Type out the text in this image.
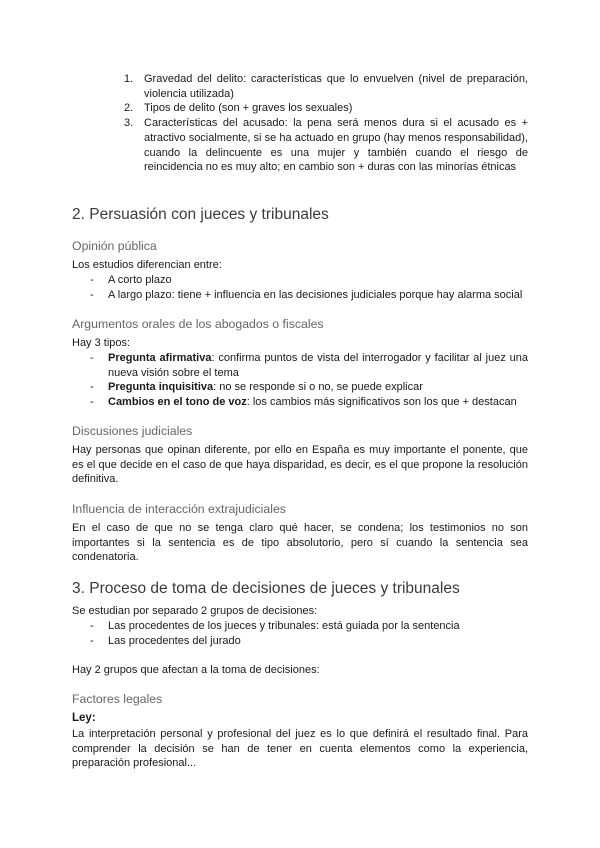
1. Gravedad del delito: características que lo envuelven (nivel de preparación, violencia utilizada)
2. Tipos de delito (son + graves los sexuales)
3. Características del acusado: la pena será menos dura si el acusado es + atractivo socialmente, si se ha actuado en grupo (hay menos responsabilidad), cuando la delincuente es una mujer y también cuando el riesgo de reincidencia no es muy alto; en cambio son + duras con las minorías étnicas
2. Persuasión con jueces y tribunales
Opinión pública

Los estudios diferencian entre:

- A corto plazo
- A largo plazo: tiene + influencia en las decisiones judiciales porque hay alarma social
Argumentos orales de los abogados o fiscales

Hay 3 tipos:

- Pregunta afirmativa: confirma puntos de vista del interrogador y facilitar al juez una nueva visión sobre el tema
- Pregunta inquisitiva: no se responde si o no, se puede explicar
- Cambios en el tono de voz: los cambios más significativos son los que + destacan
Discusiones judiciales

Hay personas que opinan diferente, por ello en España es muy importante el ponente, que es el que decide en el caso de que haya disparidad, es decir, es el que propone la resolución definitiva.

Influencia de interacción extrajudiciales

En el caso de que no se tenga claro qué hacer, se condena; los testimonios no son importantes si la sentencia es de tipo absolutorio, pero sí cuando la sentencia sea condenatoria.

3. Proceso de toma de decisiones de jueces y tribunales

Se estudian por separado 2 grupos de decisiones:

- Las procedentes de los jueces y tribunales: está guiada por la sentencia
- Las procedentes del jurado

Hay 2 grupos que afectan a la toma de decisiones:

Factores legales

Ley:

La interpretación personal y profesional del juez es lo que definirá el resultado final. Para comprender la decisión se han de tener en cuenta elementos como la experiencia, preparación profesional...
